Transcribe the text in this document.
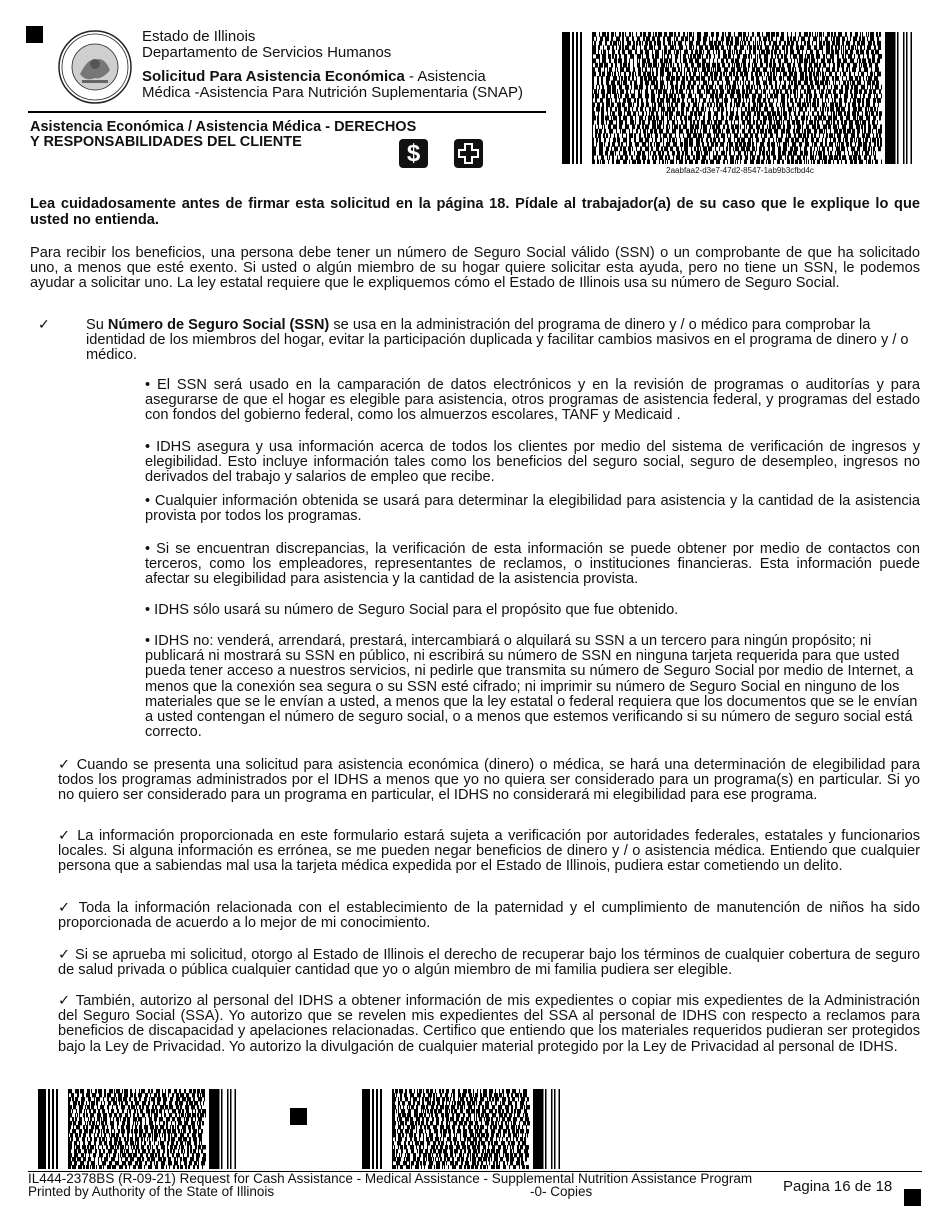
Estado de Illinois
Departamento de Servicios Humanos
Solicitud Para Asistencia Económica - Asistencia
Médica -Asistencia Para Nutrición Suplementaria (SNAP)
Asistencia Económica / Asistencia Médica - DERECHOS
Y RESPONSABILIDADES DEL CLIENTE	$
2aabfaa2-d3e7-47d2-8547-1ab9b3cfbd4c

Lea cuidadosamente antes de firmar esta solicitud en la página 18. Pídale al trabajador(a) de su caso que le explique lo que usted no entienda.

Para recibir los beneficios, una persona debe tener un número de Seguro Social válido (SSN) o un comprobante de que ha solicitado uno, a menos que esté exento. Si usted o algún miembro de su hogar quiere solicitar esta ayuda, pero no tiene un SSN, le podemos ayudar a solicitar uno. La ley estatal requiere que le expliquemos cómo el Estado de Illinois usa su número de Seguro Social.

✓ Su Número de Seguro Social (SSN) se usa en la administración del programa de dinero y / o médico para comprobar la identidad de los miembros del hogar, evitar la participación duplicada y facilitar cambios masivos en el programa de dinero y / o médico.

• El SSN será usado en la camparación de datos electrónicos y en la revisión de programas o auditorías y para asegurarse de que el hogar es elegible para asistencia, otros programas de asistencia federal, y programas del estado con fondos del gobierno federal, como los almuerzos escolares, TANF y Medicaid .

• IDHS asegura y usa información acerca de todos los clientes por medio del sistema de verificación de ingresos y elegibilidad. Esto incluye información tales como los beneficios del seguro social, seguro de desempleo, ingresos no derivados del trabajo y salarios de empleo que recibe.

• Cualquier información obtenida se usará para determinar la elegibilidad para asistencia y la cantidad de la asistencia provista por todos los programas.

• Si se encuentran discrepancias, la verificación de esta información se puede obtener por medio de contactos con terceros, como los empleadores, representantes de reclamos, o instituciones financieras. Esta información puede afectar su elegibilidad para asistencia y la cantidad de la asistencia provista.

• IDHS sólo usará su número de Seguro Social para el propósito que fue obtenido.

• IDHS no: venderá, arrendará, prestará, intercambiará o alquilará su SSN a un tercero para ningún propósito; ni publicará ni mostrará su SSN en público, ni escribirá su número de SSN en ninguna tarjeta requerida para que usted pueda tener acceso a nuestros servicios, ni pedirle que transmita su número de Seguro Social por medio de Internet, a menos que la conexión sea segura o su SSN esté cifrado; ni imprimir su número de Seguro Social en ninguno de los materiales que se le envían a usted, a menos que la ley estatal o federal requiera que los documentos que se le envían a usted contengan el número de seguro social, o a menos que estemos verificando si su número de seguro social está correcto.

✓ Cuando se presenta una solicitud para asistencia económica (dinero) o médica, se hará una determinación de elegibilidad para todos los programas administrados por el IDHS a menos que yo no quiera ser considerado para un programa(s) en particular. Si yo no quiero ser considerado para un programa en particular, el IDHS no considerará mi elegibilidad para ese programa.

✓ La información proporcionada en este formulario estará sujeta a verificación por autoridades federales, estatales y funcionarios locales. Si alguna información es errónea, se me pueden negar beneficios de dinero y / o asistencia médica. Entiendo que cualquier persona que a sabiendas mal usa la tarjeta médica expedida por el Estado de Illinois, pudiera estar cometiendo un delito.

✓ Toda la información relacionada con el establecimiento de la paternidad y el cumplimiento de manutención de niños ha sido proporcionada de acuerdo a lo mejor de mi conocimiento.

✓ Si se aprueba mi solicitud, otorgo al Estado de Illinois el derecho de recuperar bajo los términos de cualquier cobertura de seguro de salud privada o pública cualquier cantidad que yo o algún miembro de mi familia pudiera ser elegible.

✓ También, autorizo al personal del IDHS a obtener información de mis expedientes o copiar mis expedientes de la Administración del Seguro Social (SSA). Yo autorizo que se revelen mis expedientes del SSA al personal de IDHS con respecto a reclamos para beneficios de discapacidad y apelaciones relacionadas. Certifico que entiendo que los materiales requeridos pudieran ser protegidos bajo la Ley de Privacidad. Yo autorizo la divulgación de cualquier material protegido por la Ley de Privacidad al personal de IDHS.

IL444-2378BS (R-09-21) Request for Cash Assistance - Medical Assistance - Supplemental Nutrition Assistance Program
Printed by Authority of the State of Illinois	-0- Copies	Pagina 16 de 18
